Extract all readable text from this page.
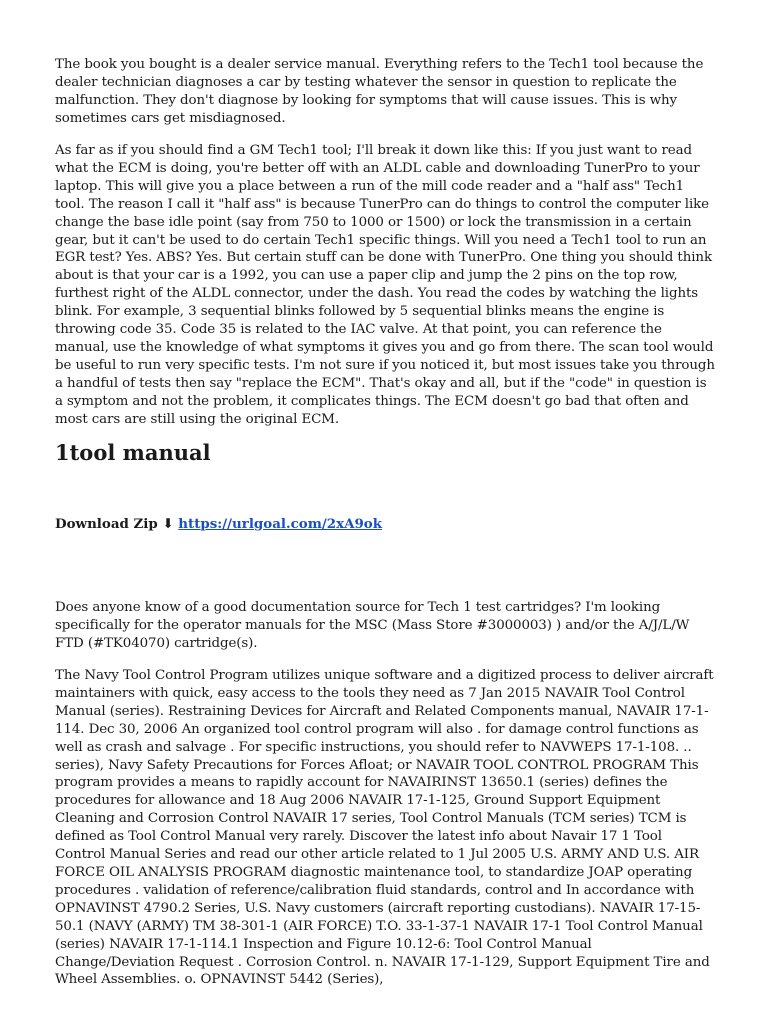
The book you bought is a dealer service manual. Everything refers to the Tech1 tool because the dealer technician diagnoses a car by testing whatever the sensor in question to replicate the malfunction. They don't diagnose by looking for symptoms that will cause issues. This is why sometimes cars get misdiagnosed.

As far as if you should find a GM Tech1 tool; I'll break it down like this: If you just want to read what the ECM is doing, you're better off with an ALDL cable and downloading TunerPro to your laptop. This will give you a place between a run of the mill code reader and a "half ass" Tech1 tool. The reason I call it "half ass" is because TunerPro can do things to control the computer like change the base idle point (say from 750 to 1000 or 1500) or lock the transmission in a certain gear, but it can't be used to do certain Tech1 specific things. Will you need a Tech1 tool to run an EGR test? Yes. ABS? Yes. But certain stuff can be done with TunerPro. One thing you should think about is that your car is a 1992, you can use a paper clip and jump the 2 pins on the top row, furthest right of the ALDL connector, under the dash. You read the codes by watching the lights blink. For example, 3 sequential blinks followed by 5 sequential blinks means the engine is throwing code 35. Code 35 is related to the IAC valve. At that point, you can reference the manual, use the knowledge of what symptoms it gives you and go from there. The scan tool would be useful to run very specific tests. I'm not sure if you noticed it, but most issues take you through a handful of tests then say "replace the ECM". That's okay and all, but if the "code" in question is a symptom and not the problem, it complicates things. The ECM doesn't go bad that often and most cars are still using the original ECM.

1tool manual

Download Zip ⬇ https://urlgoal.com/2xA9ok

Does anyone know of a good documentation source for Tech 1 test cartridges? I'm looking specifically for the operator manuals for the MSC (Mass Store #3000003) ) and/or the A/J/L/W FTD (#TK04070) cartridge(s).

The Navy Tool Control Program utilizes unique software and a digitized process to deliver aircraft maintainers with quick, easy access to the tools they need as 7 Jan 2015 NAVAIR Tool Control Manual (series). Restraining Devices for Aircraft and Related Components manual, NAVAIR 17-1-114. Dec 30, 2006 An organized tool control program will also . for damage control functions as well as crash and salvage . For specific instructions, you should refer to NAVWEPS 17-1-108. .. series), Navy Safety Precautions for Forces Afloat; or NAVAIR TOOL CONTROL PROGRAM This program provides a means to rapidly account for NAVAIRINST 13650.1 (series) defines the procedures for allowance and 18 Aug 2006 NAVAIR 17-1-125, Ground Support Equipment Cleaning and Corrosion Control NAVAIR 17 series, Tool Control Manuals (TCM series) TCM is defined as Tool Control Manual very rarely. Discover the latest info about Navair 17 1 Tool Control Manual Series and read our other article related to 1 Jul 2005 U.S. ARMY AND U.S. AIR FORCE OIL ANALYSIS PROGRAM diagnostic maintenance tool, to standardize JOAP operating procedures . validation of reference/calibration fluid standards, control and In accordance with OPNAVINST 4790.2 Series, U.S. Navy customers (aircraft reporting custodians). NAVAIR 17-15-50.1 (NAVY (ARMY) TM 38-301-1 (AIR FORCE) T.O. 33-1-37-1 NAVAIR 17-1 Tool Control Manual (series) NAVAIR 17-1-114.1 Inspection and Figure 10.12-6: Tool Control Manual Change/Deviation Request . Corrosion Control. n. NAVAIR 17-1-129, Support Equipment Tire and Wheel Assemblies. o. OPNAVINST 5442 (Series),
